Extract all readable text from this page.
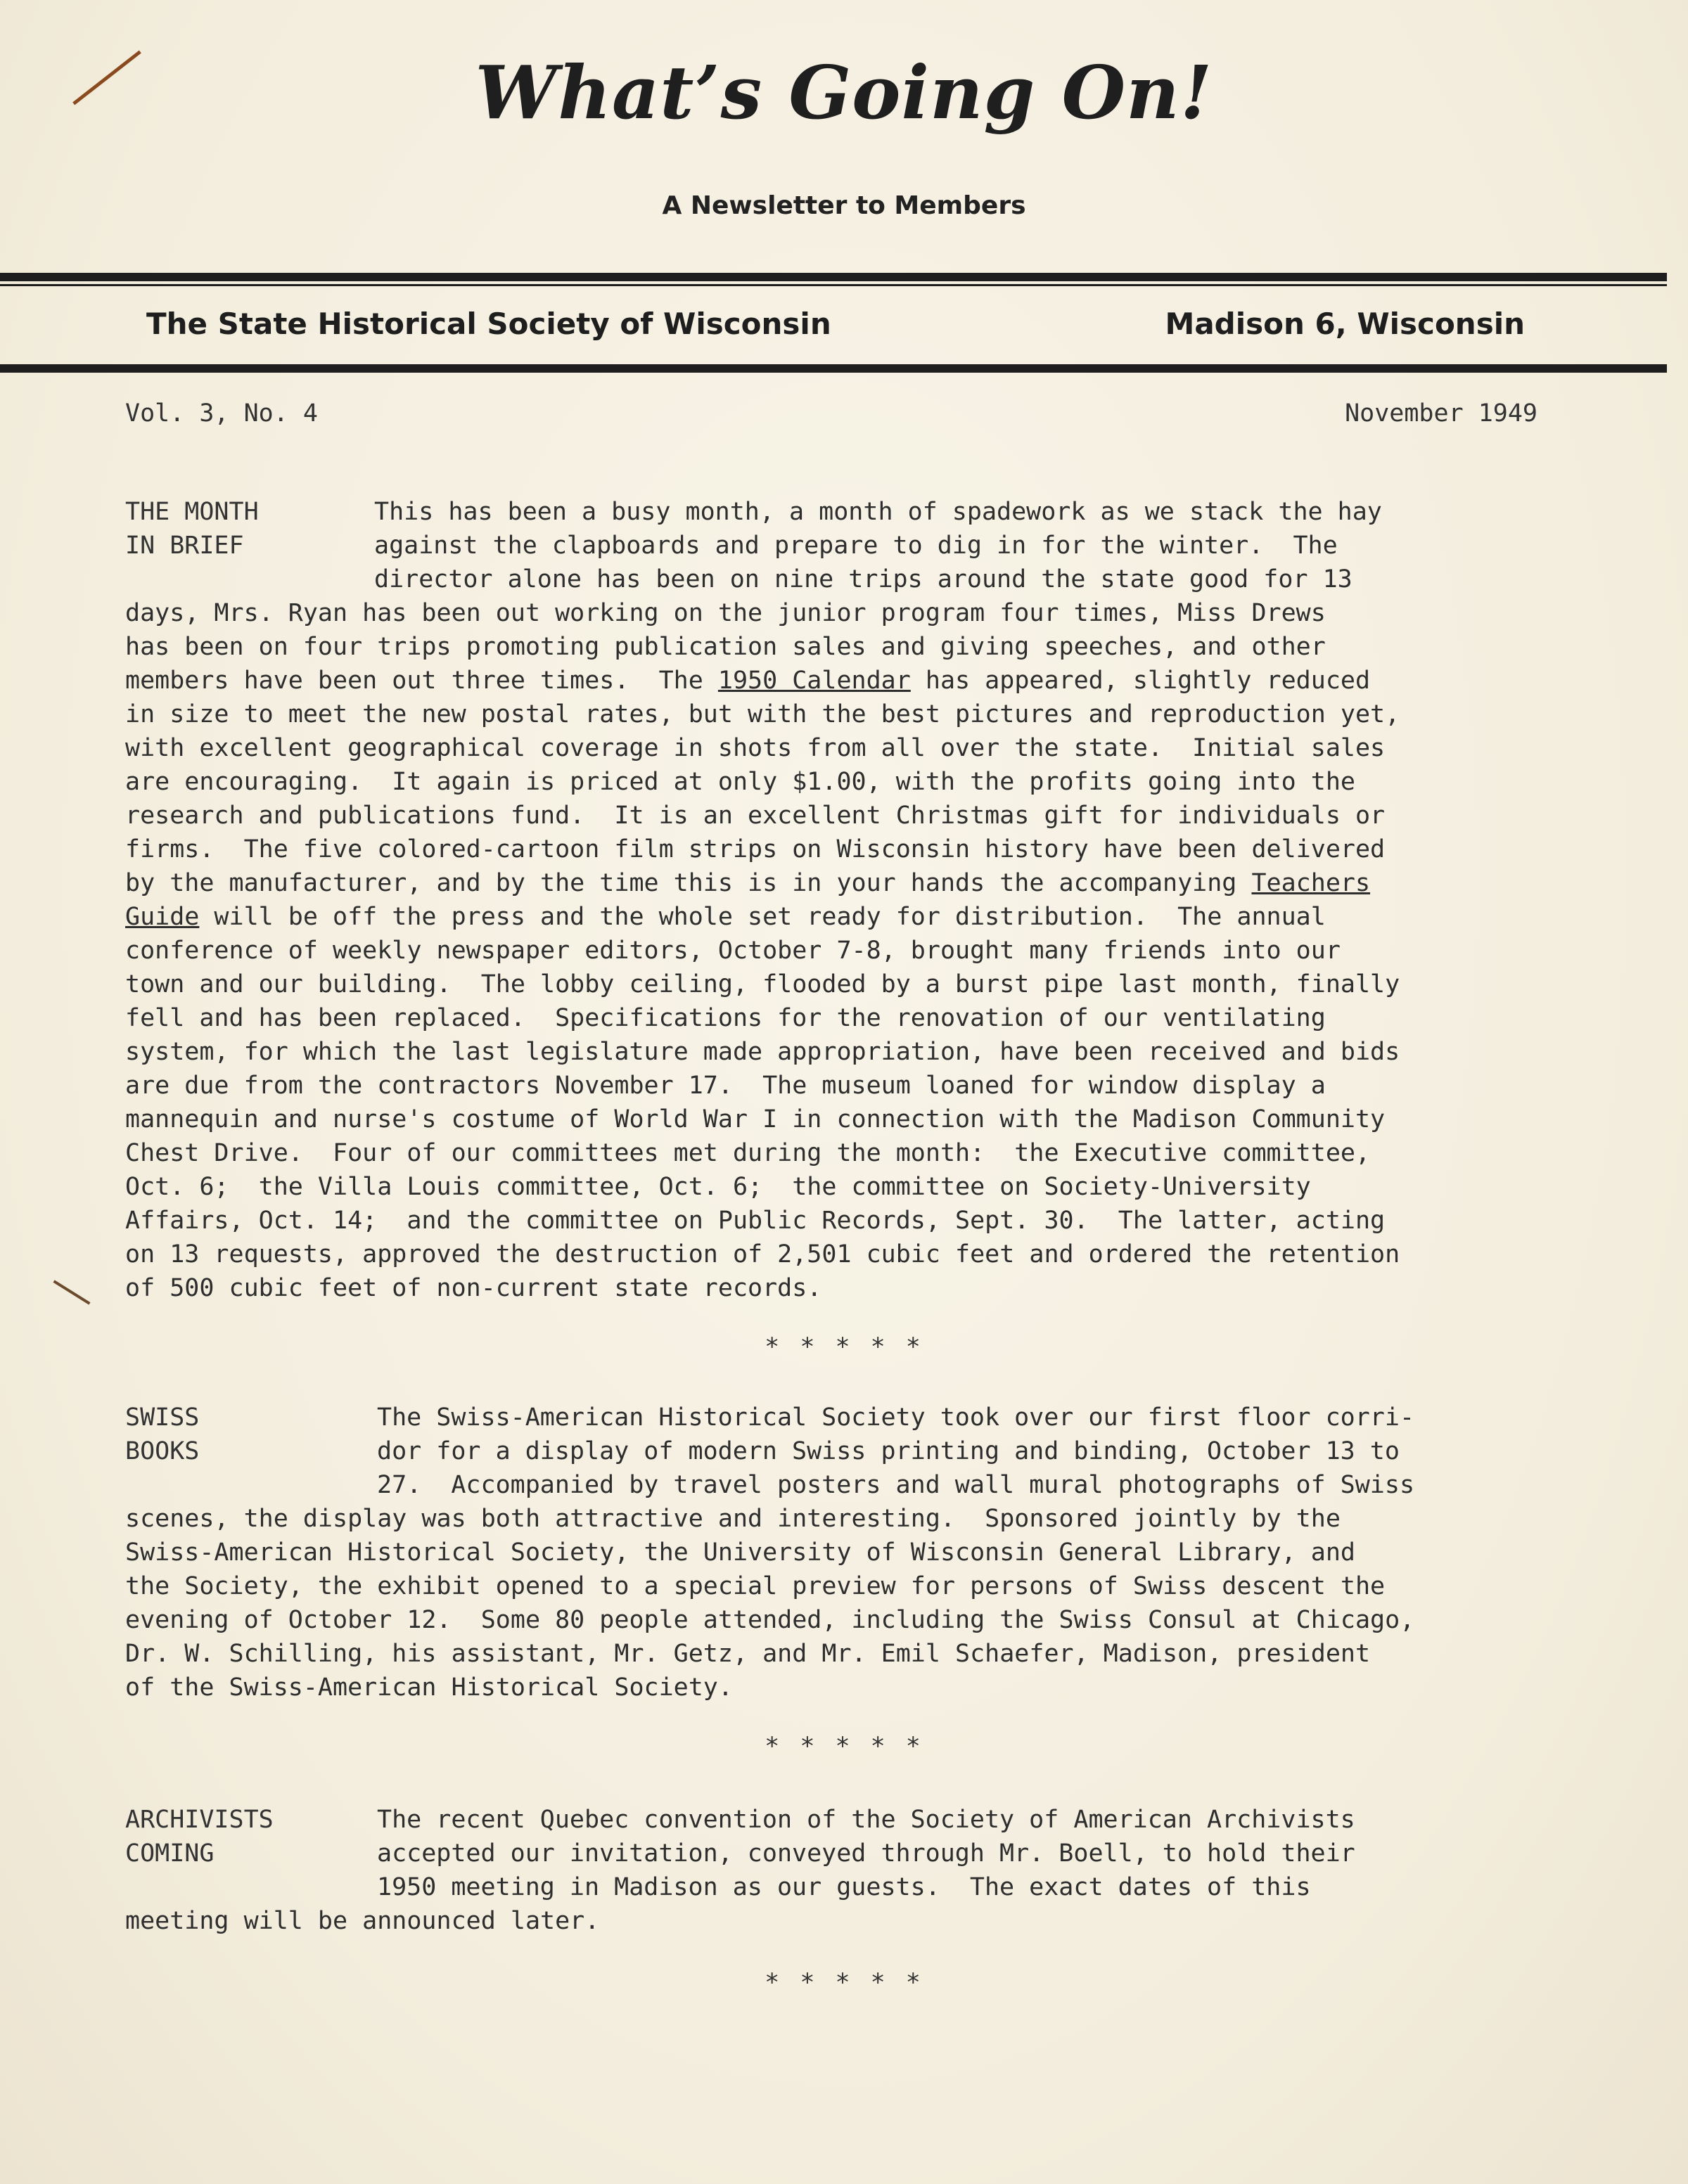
What’s Going On!
A Newsletter to Members
The State Historical Society of Wisconsin	Madison 6, Wisconsin
Vol. 3, No. 4	November 1949
THE MONTH
IN BRIEF
This has been a busy month, a month of spadework as we stack the hay
against the clapboards and prepare to dig in for the winter.  The
director alone has been on nine trips around the state good for 13
days, Mrs. Ryan has been out working on the junior program four times, Miss Drews
has been on four trips promoting publication sales and giving speeches, and other
members have been out three times.  The 1950 Calendar has appeared, slightly reduced
in size to meet the new postal rates, but with the best pictures and reproduction yet,
with excellent geographical coverage in shots from all over the state.  Initial sales
are encouraging.  It again is priced at only $1.00, with the profits going into the
research and publications fund.  It is an excellent Christmas gift for individuals or
firms.  The five colored-cartoon film strips on Wisconsin history have been delivered
by the manufacturer, and by the time this is in your hands the accompanying Teachers
Guide will be off the press and the whole set ready for distribution.  The annual
conference of weekly newspaper editors, October 7-8, brought many friends into our
town and our building.  The lobby ceiling, flooded by a burst pipe last month, finally
fell and has been replaced.  Specifications for the renovation of our ventilating
system, for which the last legislature made appropriation, have been received and bids
are due from the contractors November 17.  The museum loaned for window display a
mannequin and nurse's costume of World War I in connection with the Madison Community
Chest Drive.  Four of our committees met during the month:  the Executive committee,
Oct. 6;  the Villa Louis committee, Oct. 6;  the committee on Society-University
Affairs, Oct. 14;  and the committee on Public Records, Sept. 30.  The latter, acting
on 13 requests, approved the destruction of 2,501 cubic feet and ordered the retention
of 500 cubic feet of non-current state records.
* * * * *
SWISS
BOOKS
The Swiss-American Historical Society took over our first floor corri-
dor for a display of modern Swiss printing and binding, October 13 to
27.  Accompanied by travel posters and wall mural photographs of Swiss
scenes, the display was both attractive and interesting.  Sponsored jointly by the
Swiss-American Historical Society, the University of Wisconsin General Library, and
the Society, the exhibit opened to a special preview for persons of Swiss descent the
evening of October 12.  Some 80 people attended, including the Swiss Consul at Chicago,
Dr. W. Schilling, his assistant, Mr. Getz, and Mr. Emil Schaefer, Madison, president
of the Swiss-American Historical Society.
* * * * *
ARCHIVISTS
COMING
The recent Quebec convention of the Society of American Archivists
accepted our invitation, conveyed through Mr. Boell, to hold their
1950 meeting in Madison as our guests.  The exact dates of this
meeting will be announced later.
* * * * *
